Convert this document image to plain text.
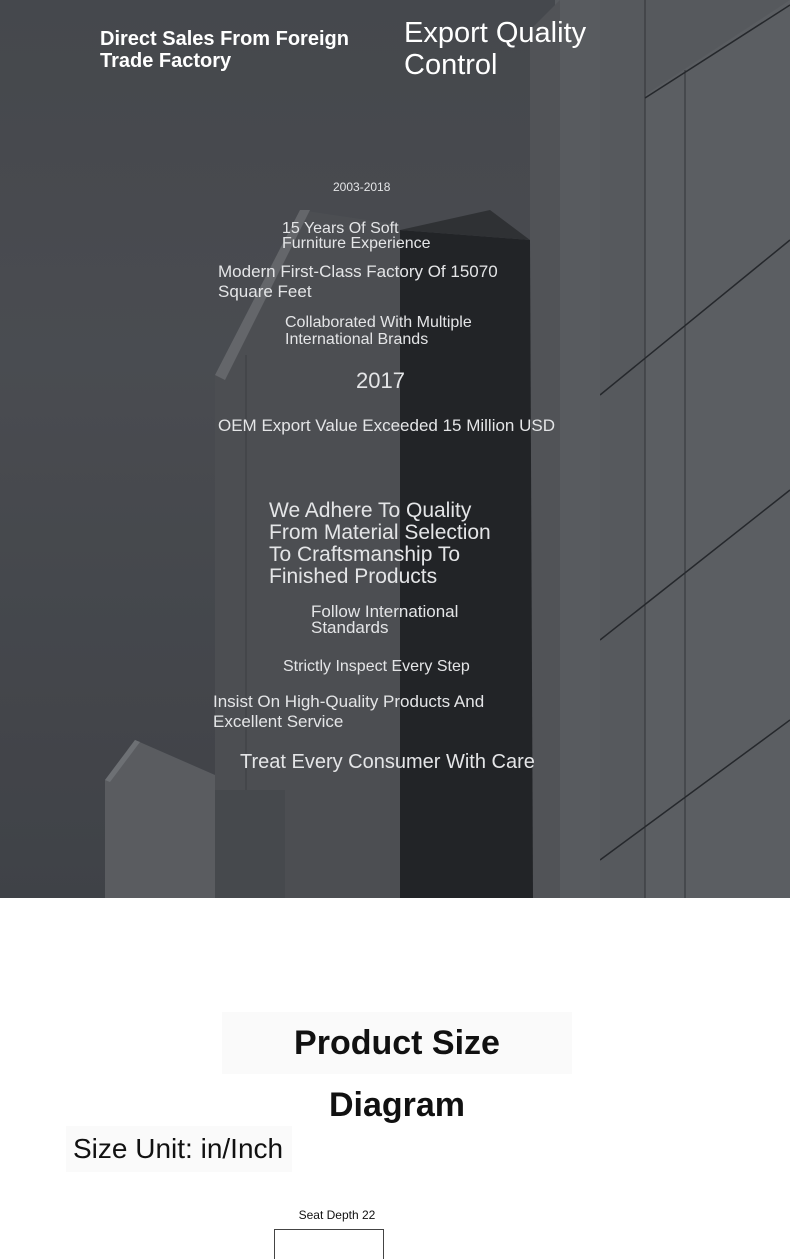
Direct Sales From Foreign Trade Factory

Export Quality Control

2003-2018

15 Years Of Soft Furniture Experience

Modern First-Class Factory Of 15070 Square Feet

Collaborated With Multiple International Brands

2017

OEM Export Value Exceeded 15 Million USD

We Adhere To Quality From Material Selection To Craftsmanship To Finished Products

Follow International Standards

Strictly Inspect Every Step

Insist On High-Quality Products And Excellent Service

Treat Every Consumer With Care

Product Size Diagram
Size Unit: in/Inch
Seat Depth 22
